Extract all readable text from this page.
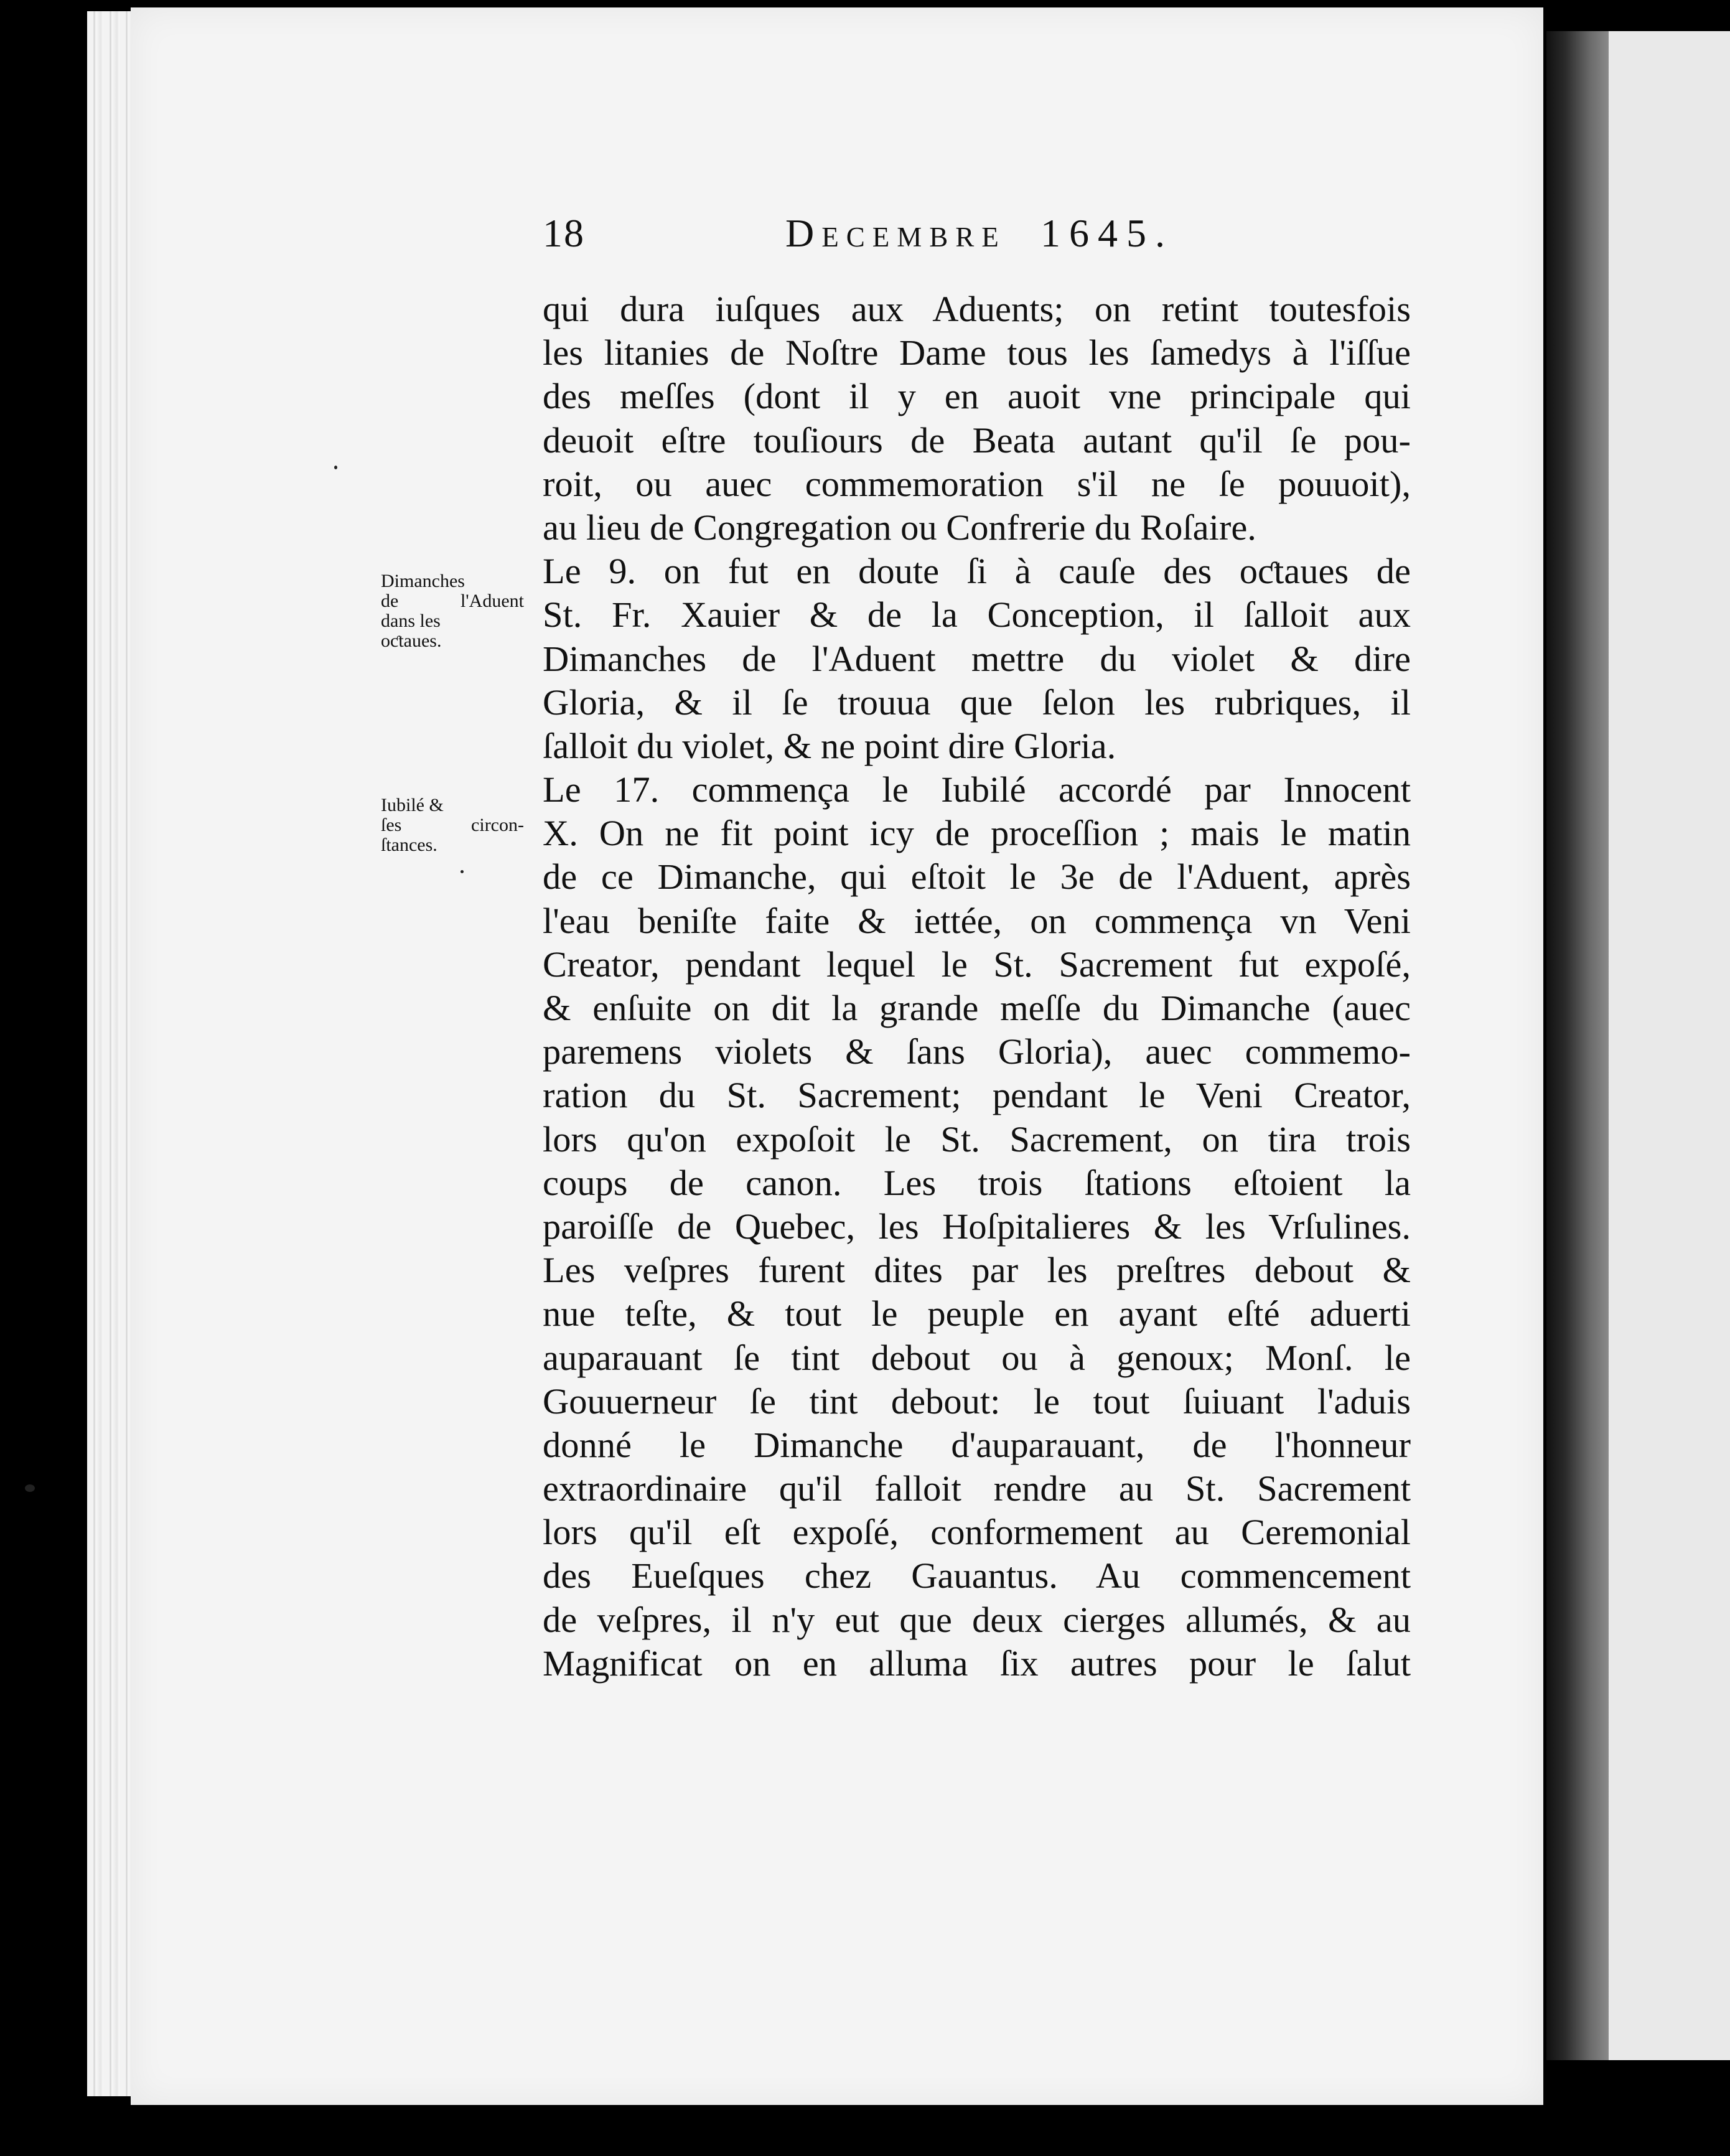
18	Decembre 1645.
Dimanches
de l'Aduent
dans les
oƈtaues.
Iubilé &
ſes circon-
ſtances.
qui dura iuſques aux Aduents; on retint toutesfois
les litanies de Noſtre Dame tous les ſamedys à l'iſſue
des meſſes (dont il y en auoit vne principale qui
deuoit eſtre touſiours de Beata autant qu'il ſe pou-
roit, ou auec commemoration s'il ne ſe pouuoit),
au lieu de Congregation ou Confrerie du Roſaire.
Le 9. on fut en doute ſi à cauſe des oƈtaues de
St. Fr. Xauier & de la Conception, il ſalloit aux
Dimanches de l'Aduent mettre du violet & dire
Gloria, & il ſe trouua que ſelon les rubriques, il
ſalloit du violet, & ne point dire Gloria.
Le 17. commença le Iubilé accordé par Innocent
X. On ne fit point icy de proceſſion ; mais le matin
de ce Dimanche, qui eſtoit le 3e de l'Aduent, après
l'eau beniſte faite & iettée, on commença vn Veni
Creator, pendant lequel le St. Sacrement fut expoſé,
& enſuite on dit la grande meſſe du Dimanche (auec
paremens violets & ſans Gloria), auec commemo-
ration du St. Sacrement; pendant le Veni Creator,
lors qu'on expoſoit le St. Sacrement, on tira trois
coups de canon. Les trois ſtations eſtoient la
paroiſſe de Quebec, les Hoſpitalieres & les Vrſulines.
Les veſpres furent dites par les preſtres debout &
nue teſte, & tout le peuple en ayant eſté aduerti
auparauant ſe tint debout ou à genoux; Monſ. le
Gouuerneur ſe tint debout: le tout ſuiuant l'aduis
donné le Dimanche d'auparauant, de l'honneur
extraordinaire qu'il falloit rendre au St. Sacrement
lors qu'il eſt expoſé, conformement au Ceremonial
des Eueſques chez Gauantus. Au commencement
de veſpres, il n'y eut que deux cierges allumés, & au
Magnificat on en alluma ſix autres pour le ſalut
